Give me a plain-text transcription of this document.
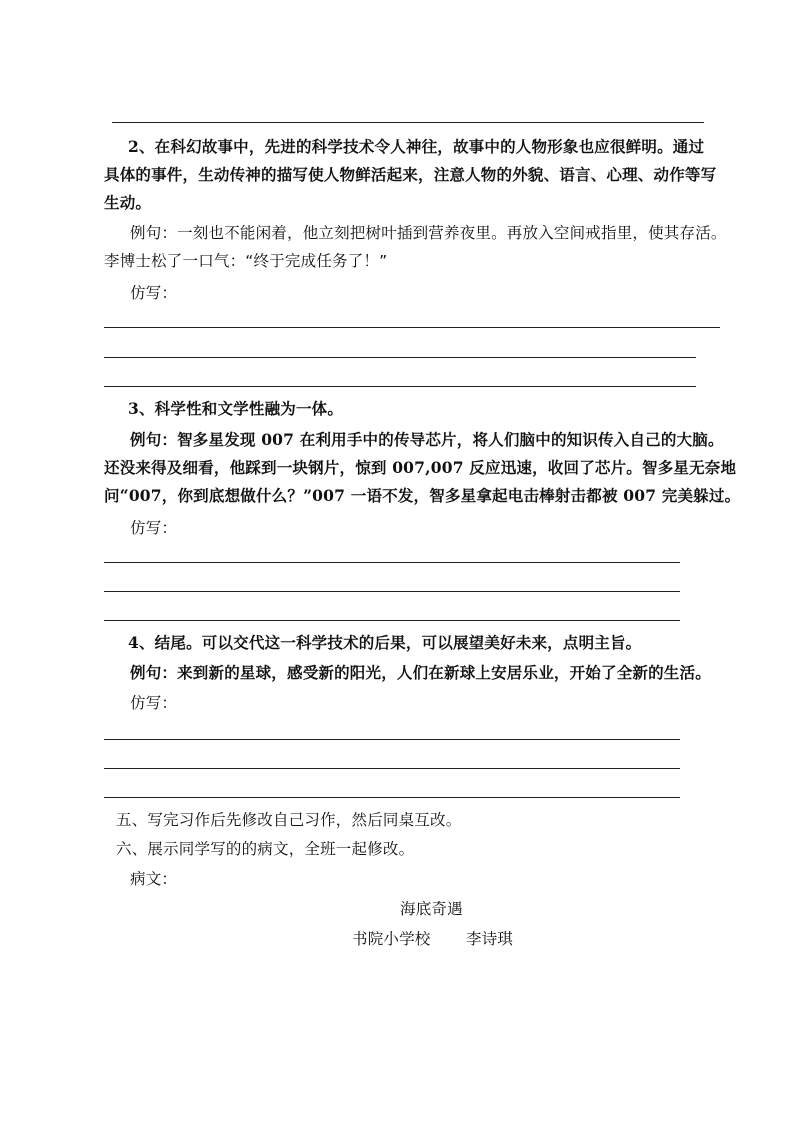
2、在科幻故事中，先进的科学技术令人神往，故事中的人物形象也应很鲜明。通过
具体的事件，生动传神的描写使人物鲜活起来，注意人物的外貌、语言、心理、动作等写
生动。
例句：一刻也不能闲着，他立刻把树叶插到营养夜里。再放入空间戒指里，使其存活。
李博士松了一口气：“终于完成任务了！”
仿写：
3、科学性和文学性融为一体。
例句：智多星发现 007 在利用手中的传导芯片，将人们脑中的知识传入自己的大脑。
还没来得及细看，他踩到一块钢片，惊到 007,007 反应迅速，收回了芯片。智多星无奈地
问“007，你到底想做什么？”007 一语不发，智多星拿起电击棒射击都被 007 完美躲过。
仿写：
4、结尾。可以交代这一科学技术的后果，可以展望美好未来，点明主旨。
例句：来到新的星球，感受新的阳光，人们在新球上安居乐业，开始了全新的生活。
仿写：
五、写完习作后先修改自己习作，然后同桌互改。
六、展示同学写的的病文，全班一起修改。
病文：
海底奇遇
书院小学校 李诗琪
